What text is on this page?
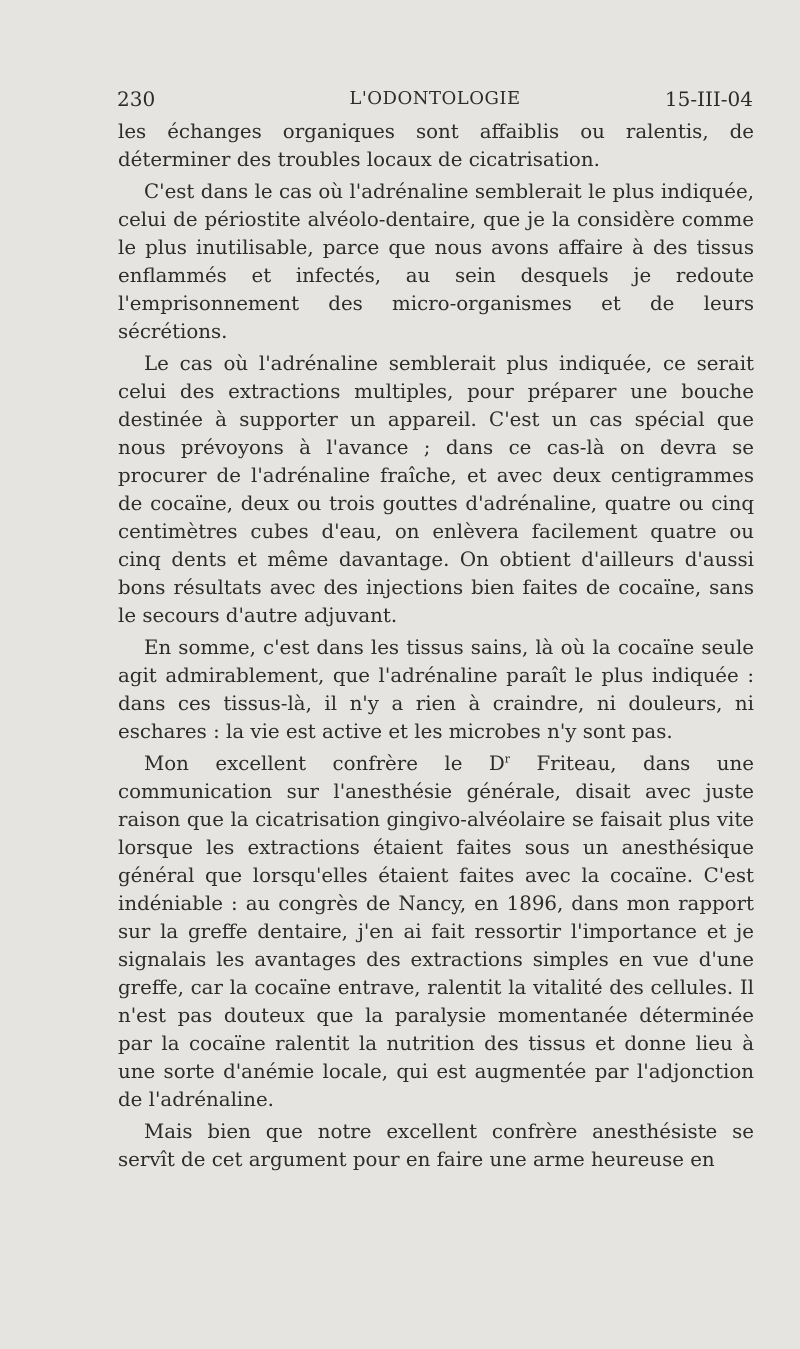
230	L'ODONTOLOGIE	15-III-04

les échanges organiques sont affaiblis ou ralentis, de déterminer des troubles locaux de cicatrisation.

C'est dans le cas où l'adrénaline semblerait le plus indiquée, celui de périostite alvéolo-dentaire, que je la considère comme le plus inutilisable, parce que nous avons affaire à des tissus enflammés et infectés, au sein desquels je redoute l'emprisonnement des micro-organismes et de leurs sécrétions.

Le cas où l'adrénaline semblerait plus indiquée, ce serait celui des extractions multiples, pour préparer une bouche destinée à supporter un appareil. C'est un cas spécial que nous prévoyons à l'avance ; dans ce cas-là on devra se procurer de l'adrénaline fraîche, et avec deux centigrammes de cocaïne, deux ou trois gouttes d'adrénaline, quatre ou cinq centimètres cubes d'eau, on enlèvera facilement quatre ou cinq dents et même davantage. On obtient d'ailleurs d'aussi bons résultats avec des injections bien faites de cocaïne, sans le secours d'autre adjuvant.

En somme, c'est dans les tissus sains, là où la cocaïne seule agit admirablement, que l'adrénaline paraît le plus indiquée : dans ces tissus-là, il n'y a rien à craindre, ni douleurs, ni eschares : la vie est active et les microbes n'y sont pas.

Mon excellent confrère le $D^r$ Friteau, dans une communication sur l'anesthésie générale, disait avec juste raison que la cicatrisation gingivo-alvéolaire se faisait plus vite lorsque les extractions étaient faites sous un anesthésique général que lorsqu'elles étaient faites avec la cocaïne. C'est indéniable : au congrès de Nancy, en 1896, dans mon rapport sur la greffe dentaire, j'en ai fait ressortir l'importance et je signalais les avantages des extractions simples en vue d'une greffe, car la cocaïne entrave, ralentit la vitalité des cellules. Il n'est pas douteux que la paralysie momentanée déterminée par la cocaïne ralentit la nutrition des tissus et donne lieu à une sorte d'anémie locale, qui est augmentée par l'adjonction de l'adrénaline.

Mais bien que notre excellent confrère anesthésiste se servît de cet argument pour en faire une arme heureuse en
